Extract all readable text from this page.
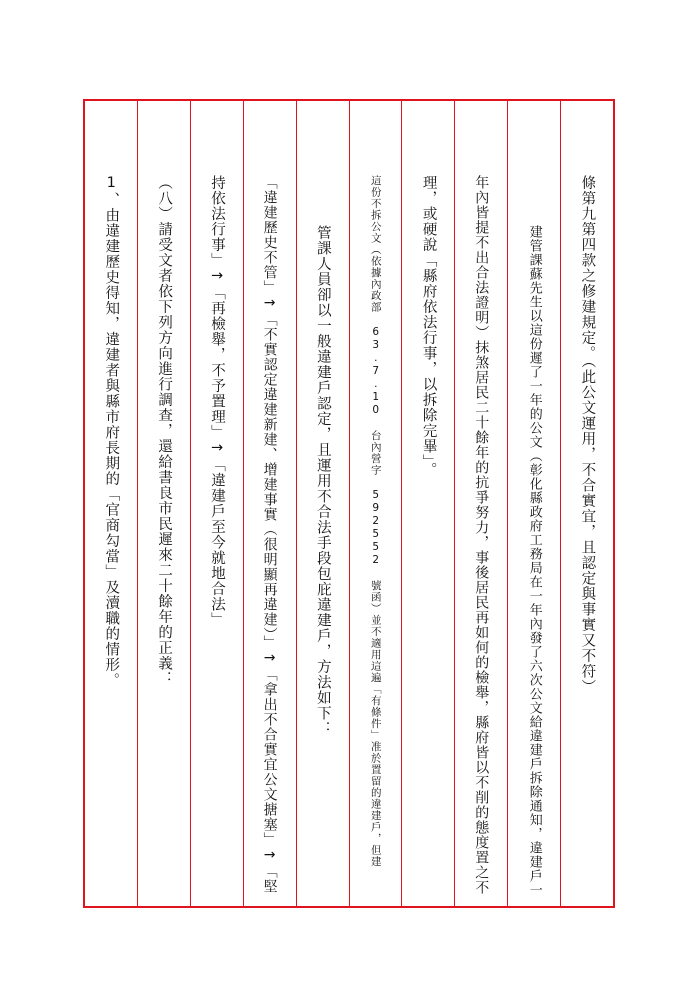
1、由違建歷史得知，違建者與縣市府長期的「官商勾當」及瀆職的情形。	（八）請受文者依下列方向進行調查，還給書良市民遲來二十餘年的正義：	持依法行事」→「再檢舉，不予置理」→「違建戶至今就地合法」	「違建歷史不管」→「不實認定違建新建、增建事實（很明顯再違建）」→「拿出不合實宜公文搪塞」→「堅	管課人員卻以一般違建戶認定，且運用不合法手段包庇違建戶，方法如下：	這份不拆公文（依據內政部 63.7.10 台內營字 592552 號函）並不適用這遍「有條件」准於置留的違建戶，但建	理，或硬說「縣府依法行事，以拆除完畢」。	年內皆提不出合法證明）抹煞居民二十餘年的抗爭努力，事後居民再如何的檢舉，縣府皆以不削的態度置之不	建管課蘇先生以這份遲了一年的公文（彰化縣政府工務局在一年內發了六次公文給違建戶拆除通知，違建戶一	條第九第四款之修建規定。（此公文運用，不合實宜，且認定與事實又不符）
